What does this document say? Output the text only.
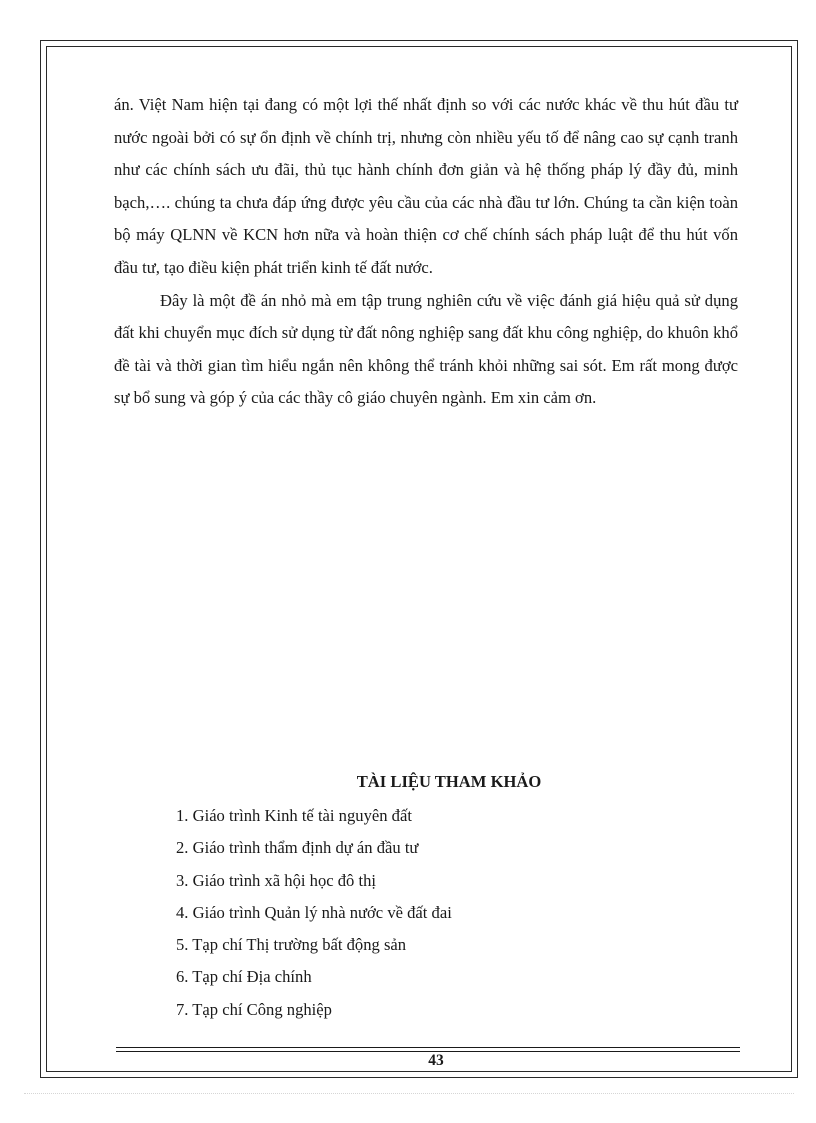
án. Việt Nam hiện tại đang có một lợi thế nhất định so với các nước khác về thu hút đầu tư nước ngoài bởi có sự ổn định về chính trị, nhưng còn nhiều yếu tố để nâng cao sự cạnh tranh như các chính sách ưu đãi, thủ tục hành chính đơn giản và hệ thống pháp lý đầy đủ, minh bạch,…. chúng ta chưa đáp ứng được yêu cầu của các nhà đầu tư lớn. Chúng ta cần kiện toàn bộ máy QLNN về KCN hơn nữa và hoàn thiện cơ chế chính sách pháp luật để thu hút vốn đầu tư, tạo điều kiện phát triển kinh tế đất nước.

Đây là một đề án nhỏ mà em tập trung nghiên cứu về việc đánh giá hiệu quả sử dụng đất khi chuyển mục đích sử dụng từ đất nông nghiệp sang đất khu công nghiệp, do khuôn khổ đề tài và thời gian tìm hiểu ngắn nên không thể tránh khỏi những sai sót. Em rất mong được sự bổ sung và góp ý của các thầy cô giáo chuyên ngành. Em xin cảm ơn.

TÀI LIỆU THAM KHẢO
1. Giáo trình Kinh tế tài nguyên đất
2. Giáo trình thẩm định dự án đầu tư
3. Giáo trình xã hội học đô thị
4. Giáo trình Quản lý nhà nước về đất đai
5. Tạp chí Thị trường bất động sản
6. Tạp chí Địa chính
7. Tạp chí Công nghiệp
43
